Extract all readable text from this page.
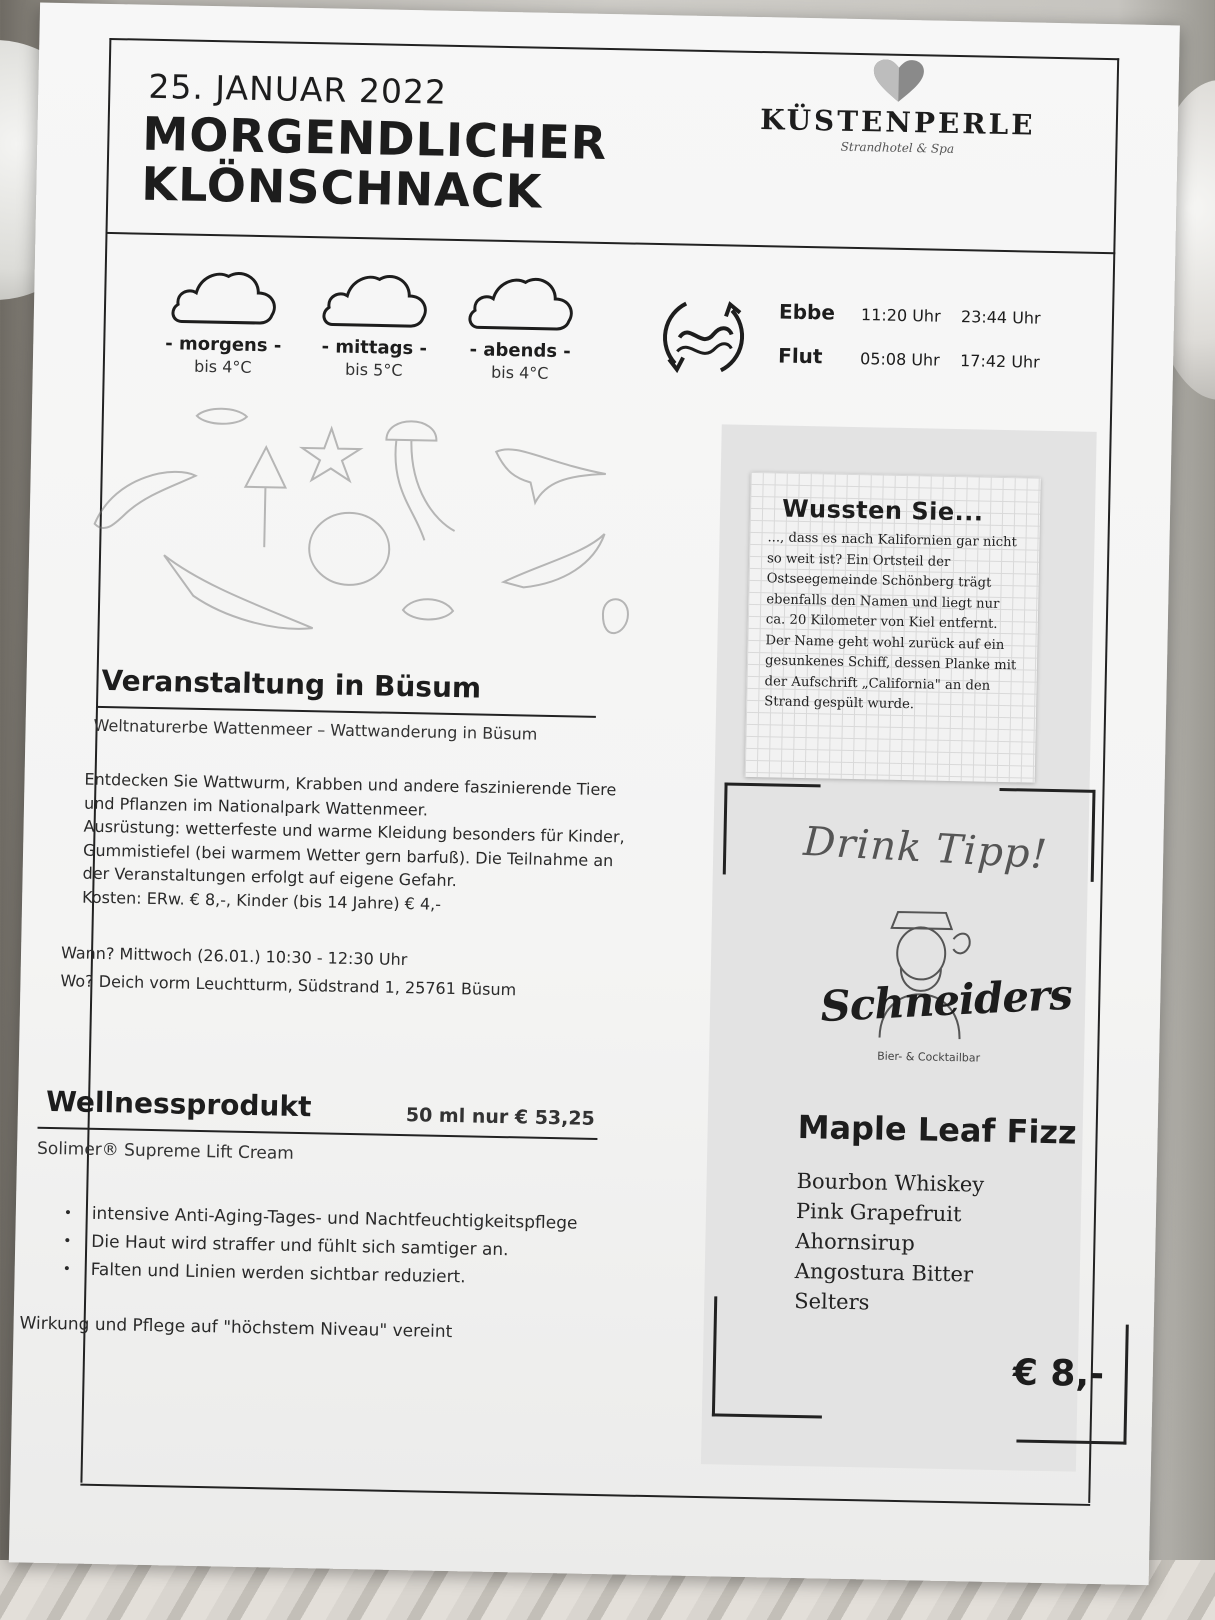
25. JANUAR 2022
MORGENDLICHER
KLÖNSCHNACK
KÜSTENPERLE
Strandhotel & Spa
- morgens -
bis 4°C
- mittags -
bis 5°C
- abends -
bis 4°C
Ebbe	11:20 Uhr	23:44 Uhr
Flut	05:08 Uhr	17:42 Uhr
Wussten Sie...
..., dass es nach Kalifornien gar nicht so weit ist? Ein Ortsteil der Ostseegemeinde Schönberg trägt ebenfalls den Namen und liegt nur ca. 20 Kilometer von Kiel entfernt. Der Name geht wohl zurück auf ein gesunkenes Schiff, dessen Planke mit der Aufschrift „California" an den Strand gespült wurde.
Veranstaltung in Büsum
Weltnaturerbe Wattenmeer – Wattwanderung in Büsum
Entdecken Sie Wattwurm, Krabben und andere faszinierende Tiere
und Pflanzen im Nationalpark Wattenmeer.
Ausrüstung: wetterfeste und warme Kleidung besonders für Kinder,
Gummistiefel (bei warmem Wetter gern barfuß). Die Teilnahme an
der Veranstaltungen erfolgt auf eigene Gefahr.
Kosten: ERw. € 8,-, Kinder (bis 14 Jahre) € 4,-
Wann? Mittwoch (26.01.) 10:30 - 12:30 Uhr
Wo? Deich vorm Leuchtturm, Südstrand 1, 25761 Büsum
Wellnessprodukt	50 ml nur € 53,25
Solimer® Supreme Lift Cream
•	intensive Anti-Aging-Tages- und Nachtfeuchtigkeitspflege
•	Die Haut wird straffer und fühlt sich samtiger an.
•	Falten und Linien werden sichtbar reduziert.
Wirkung und Pflege auf "höchstem Niveau" vereint
Drink Tipp!
Schneiders
Bier- & Cocktailbar
Maple Leaf Fizz
Bourbon Whiskey
Pink Grapefruit
Ahornsirup
Angostura Bitter
Selters
€ 8,-
